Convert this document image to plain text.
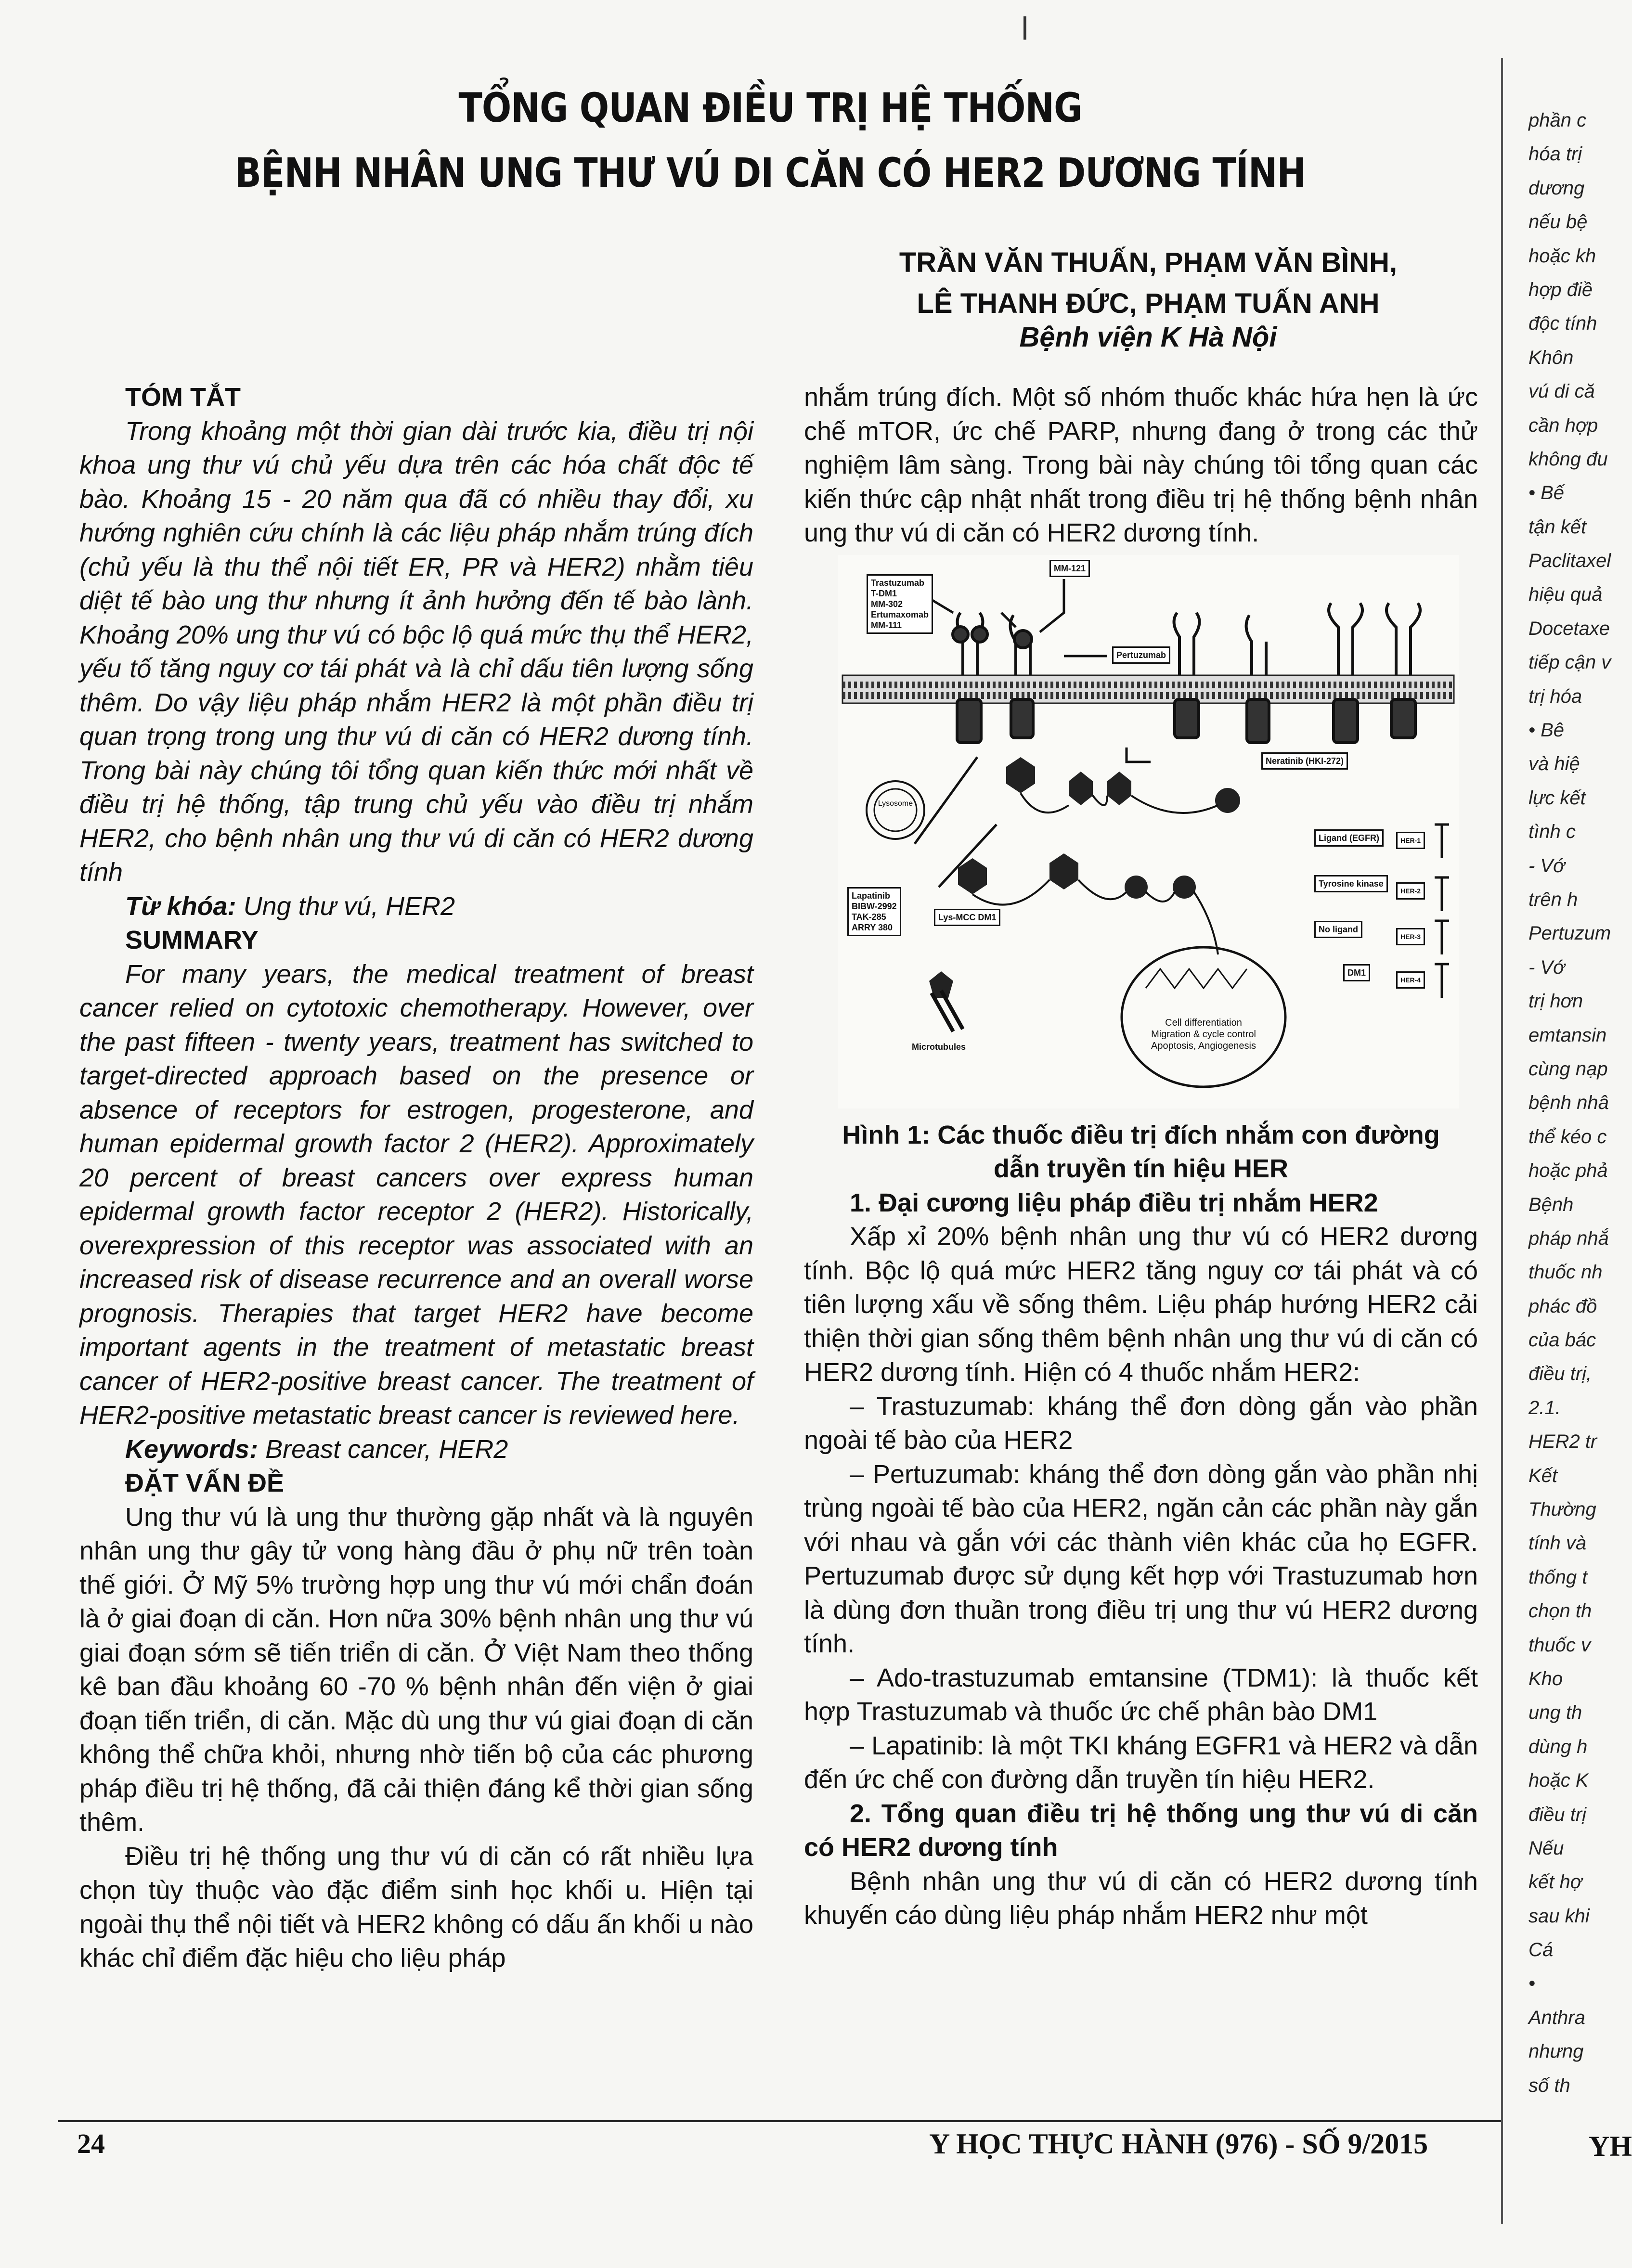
ꞁ
TỔNG QUAN ĐIỀU TRỊ HỆ THỐNG
BỆNH NHÂN UNG THƯ VÚ DI CĂN CÓ HER2 DƯƠNG TÍNH
TRẦN VĂN THUẤN, PHẠM VĂN BÌNH,
LÊ THANH ĐỨC, PHẠM TUẤN ANH
Bệnh viện K Hà Nội

TÓM TẮT

Trong khoảng một thời gian dài trước kia, điều trị nội khoa ung thư vú chủ yếu dựa trên các hóa chất độc tế bào. Khoảng 15 - 20 năm qua đã có nhiều thay đổi, xu hướng nghiên cứu chính là các liệu pháp nhắm trúng đích (chủ yếu là thu thể nội tiết ER, PR và HER2) nhằm tiêu diệt tế bào ung thư nhưng ít ảnh hưởng đến tế bào lành. Khoảng 20% ung thư vú có bộc lộ quá mức thụ thể HER2, yếu tố tăng nguy cơ tái phát và là chỉ dấu tiên lượng sống thêm. Do vậy liệu pháp nhắm HER2 là một phần điều trị quan trọng trong ung thư vú di căn có HER2 dương tính. Trong bài này chúng tôi tổng quan kiến thức mới nhất về điều trị hệ thống, tập trung chủ yếu vào điều trị nhắm HER2, cho bệnh nhân ung thư vú di căn có HER2 dương tính

Từ khóa: Ung thư vú, HER2

SUMMARY

For many years, the medical treatment of breast cancer relied on cytotoxic chemotherapy. However, over the past fifteen - twenty years, treatment has switched to target-directed approach based on the presence or absence of receptors for estrogen, progesterone, and human epidermal growth factor 2 (HER2). Approximately 20 percent of breast cancers over express human epidermal growth factor receptor 2 (HER2). Historically, overexpression of this receptor was associated with an increased risk of disease recurrence and an overall worse prognosis. Therapies that target HER2 have become important agents in the treatment of metastatic breast cancer of HER2-positive breast cancer. The treatment of HER2-positive metastatic breast cancer is reviewed here.

Keywords: Breast cancer, HER2

ĐẶT VẤN ĐỀ

Ung thư vú là ung thư thường gặp nhất và là nguyên nhân ung thư gây tử vong hàng đầu ở phụ nữ trên toàn thế giới. Ở Mỹ 5% trường hợp ung thư vú mới chẩn đoán là ở giai đoạn di căn. Hơn nữa 30% bệnh nhân ung thư vú giai đoạn sớm sẽ tiến triển di căn. Ở Việt Nam theo thống kê ban đầu khoảng 60 -70 % bệnh nhân đến viện ở giai đoạn tiến triển, di căn. Mặc dù ung thư vú giai đoạn di căn không thể chữa khỏi, nhưng nhờ tiến bộ của các phương pháp điều trị hệ thống, đã cải thiện đáng kể thời gian sống thêm.

Điều trị hệ thống ung thư vú di căn có rất nhiều lựa chọn tùy thuộc vào đặc điểm sinh học khối u. Hiện tại ngoài thụ thể nội tiết và HER2 không có dấu ấn khối u nào khác chỉ điểm đặc hiệu cho liệu pháp

nhắm trúng đích. Một số nhóm thuốc khác hứa hẹn là ức chế mTOR, ức chế PARP, nhưng đang ở trong các thử nghiệm lâm sàng. Trong bài này chúng tôi tổng quan các kiến thức cập nhật nhất trong điều trị hệ thống bệnh nhân ung thư vú di căn có HER2 dương tính.

Trastuzumab
T-DM1
MM-302
Ertumaxomab
MM-111
MM-121
Pertuzumab
Neratinib (HKI-272)
Lapatinib
BIBW-2992
TAK-285
ARRY 380
Lys-MCC DM1
Lysosome
Microtubules
Cell differentiation
Migration & cycle control
Apoptosis, Angiogenesis
Ligand (EGFR)
Tyrosine kinase
No ligand
DM1
HER-1
HER-2
HER-3
HER-4

Hình 1: Các thuốc điều trị đích nhắm con đường

dẫn truyền tín hiệu HER

1. Đại cương liệu pháp điều trị nhắm HER2

Xấp xỉ 20% bệnh nhân ung thư vú có HER2 dương tính. Bộc lộ quá mức HER2 tăng nguy cơ tái phát và có tiên lượng xấu về sống thêm. Liệu pháp hướng HER2 cải thiện thời gian sống thêm bệnh nhân ung thư vú di căn có HER2 dương tính. Hiện có 4 thuốc nhắm HER2:

– Trastuzumab: kháng thể đơn dòng gắn vào phần ngoài tế bào của HER2

– Pertuzumab: kháng thể đơn dòng gắn vào phần nhị trùng ngoài tế bào của HER2, ngăn cản các phần này gắn với nhau và gắn với các thành viên khác của họ EGFR. Pertuzumab được sử dụng kết hợp với Trastuzumab hơn là dùng đơn thuần trong điều trị ung thư vú HER2 dương tính.

– Ado-trastuzumab emtansine (TDM1): là thuốc kết hợp Trastuzumab và thuốc ức chế phân bào DM1

– Lapatinib: là một TKI kháng EGFR1 và HER2 và dẫn đến ức chế con đường dẫn truyền tín hiệu HER2.

2. Tổng quan điều trị hệ thống ung thư vú di căn có HER2 dương tính

Bệnh nhân ung thư vú di căn có HER2 dương tính khuyến cáo dùng liệu pháp nhắm HER2 như một

24	Y HỌC THỰC HÀNH (976) - SỐ 9/2015
phần c
hóa trị
dương
nếu bệ
hoặc kh
hợp điề
độc tính
Khôn
vú di că
cần hợp
không đu
• Bế
tận kết
Paclitaxel
hiệu quả
Docetaxe
tiếp cận v
trị hóa
• Bê
và hiệ
lực kết
tình c
- Vớ
trên h
Pertuzum
- Vớ
trị hơn
emtansin
cùng nạp
bệnh nhâ
thể kéo c
hoặc phả
Bệnh
pháp nhắ
thuốc nh
phác đồ
của bác
điều trị,
2.1.
HER2 tr
Kết
Thường
tính và
thống t
chọn th
thuốc v
Kho
ung th
dùng h
hoặc K
điều trị
Nếu
kết hợ
sau khi
Cá
•
Anthra
nhưng
số th
YH
